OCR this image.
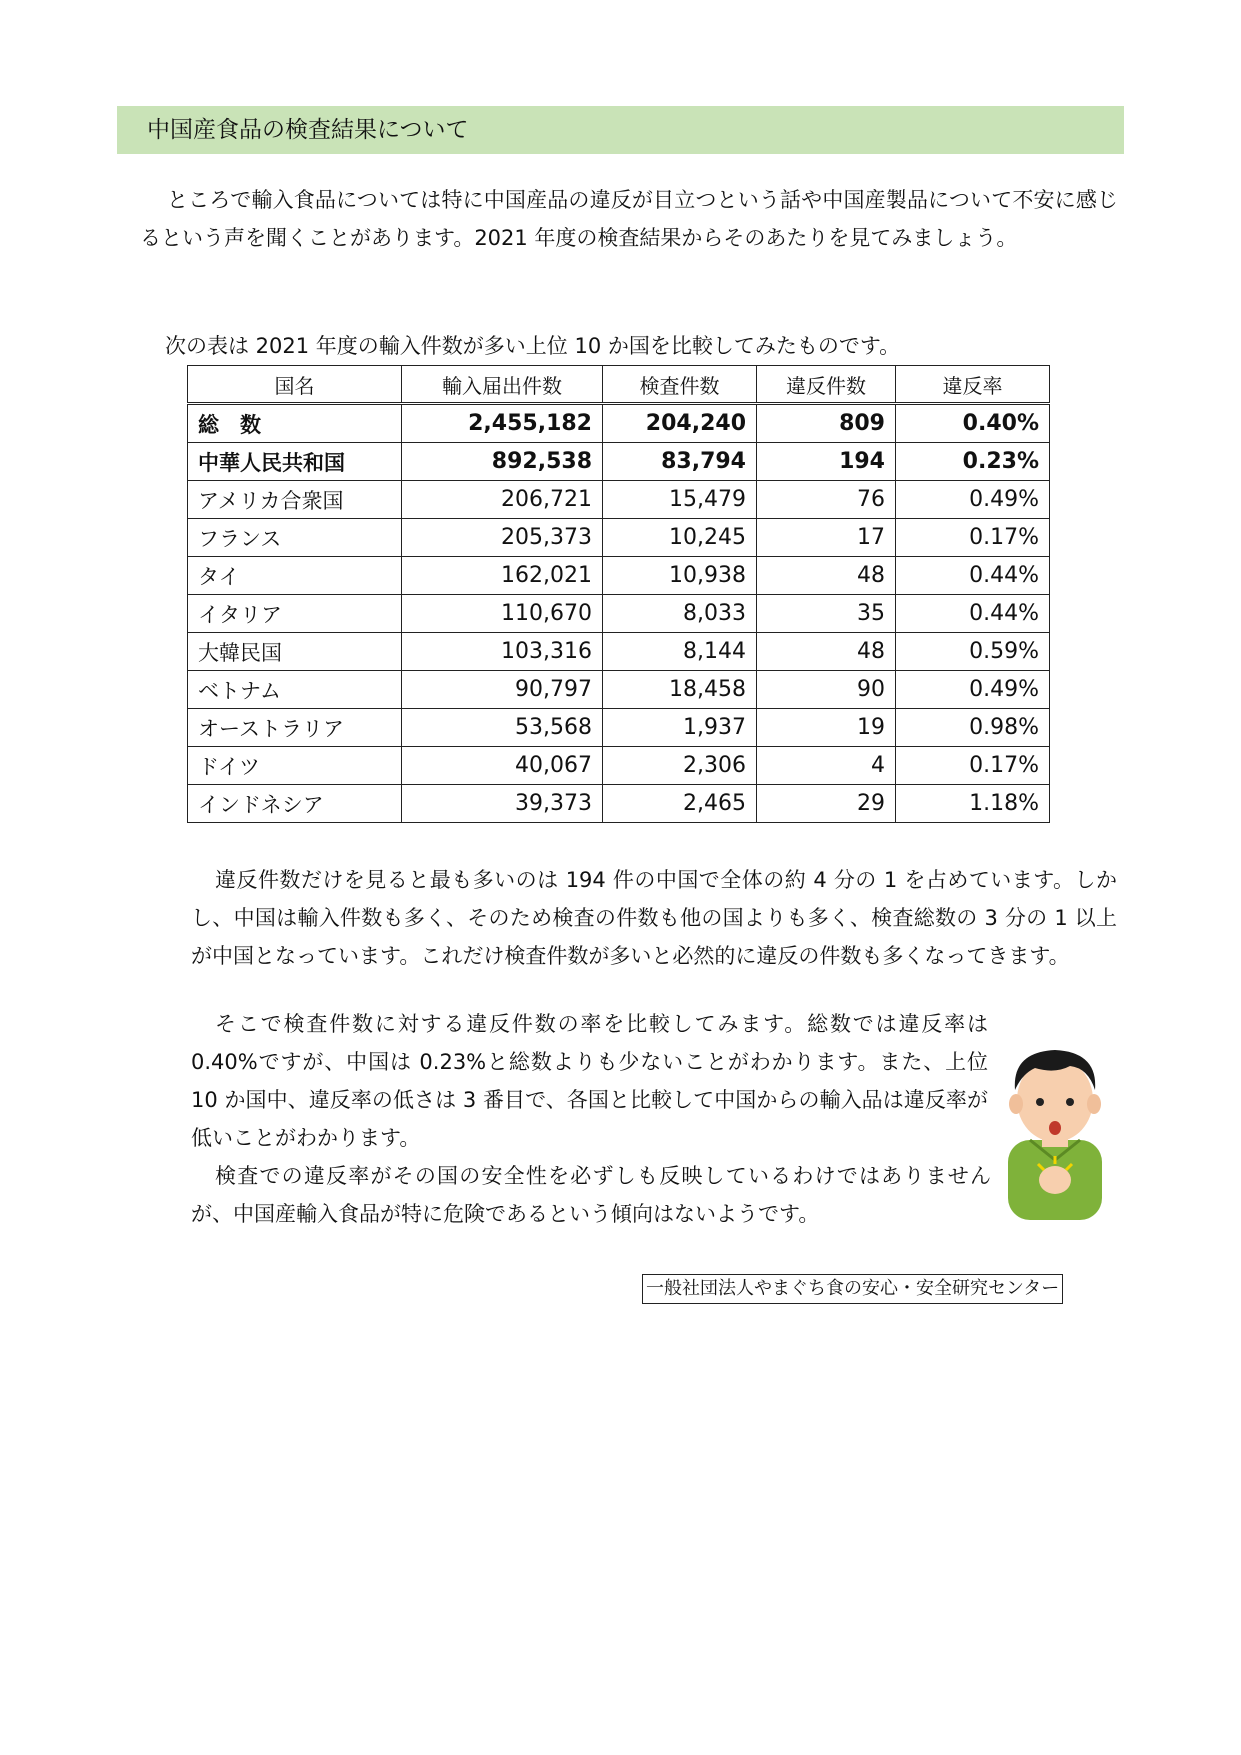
中国産食品の検査結果について

ところで輸入食品については特に中国産品の違反が目立つという話や中国産製品について不安に感じるという声を聞くことがあります。2021 年度の検査結果からそのあたりを見てみましょう。

次の表は 2021 年度の輸入件数が多い上位 10 か国を比較してみたものです。
国名	輸入届出件数	検査件数	違反件数	違反率
総　数	2,455,182	204,240	809	0.40%
中華人民共和国	892,538	83,794	194	0.23%
アメリカ合衆国	206,721	15,479	76	0.49%
フランス	205,373	10,245	17	0.17%
タイ	162,021	10,938	48	0.44%
イタリア	110,670	8,033	35	0.44%
大韓民国	103,316	8,144	48	0.59%
ベトナム	90,797	18,458	90	0.49%
オーストラリア	53,568	1,937	19	0.98%
ドイツ	40,067	2,306	4	0.17%
インドネシア	39,373	2,465	29	1.18%

違反件数だけを見ると最も多いのは 194 件の中国で全体の約 4 分の 1 を占めています。しかし、中国は輸入件数も多く、そのため検査の件数も他の国よりも多く、検査総数の 3 分の 1 以上が中国となっています。これだけ検査件数が多いと必然的に違反の件数も多くなってきます。

そこで検査件数に対する違反件数の率を比較してみます。総数では違反率は 0.40%ですが、中国は 0.23%と総数よりも少ないことがわかります。また、上位 10 か国中、違反率の低さは 3 番目で、各国と比較して中国からの輸入品は違反率が低いことがわかります。

検査での違反率がその国の安全性を必ずしも反映しているわけではありませんが、中国産輸入食品が特に危険であるという傾向はないようです。

一般社団法人やまぐち食の安心・安全研究センター
